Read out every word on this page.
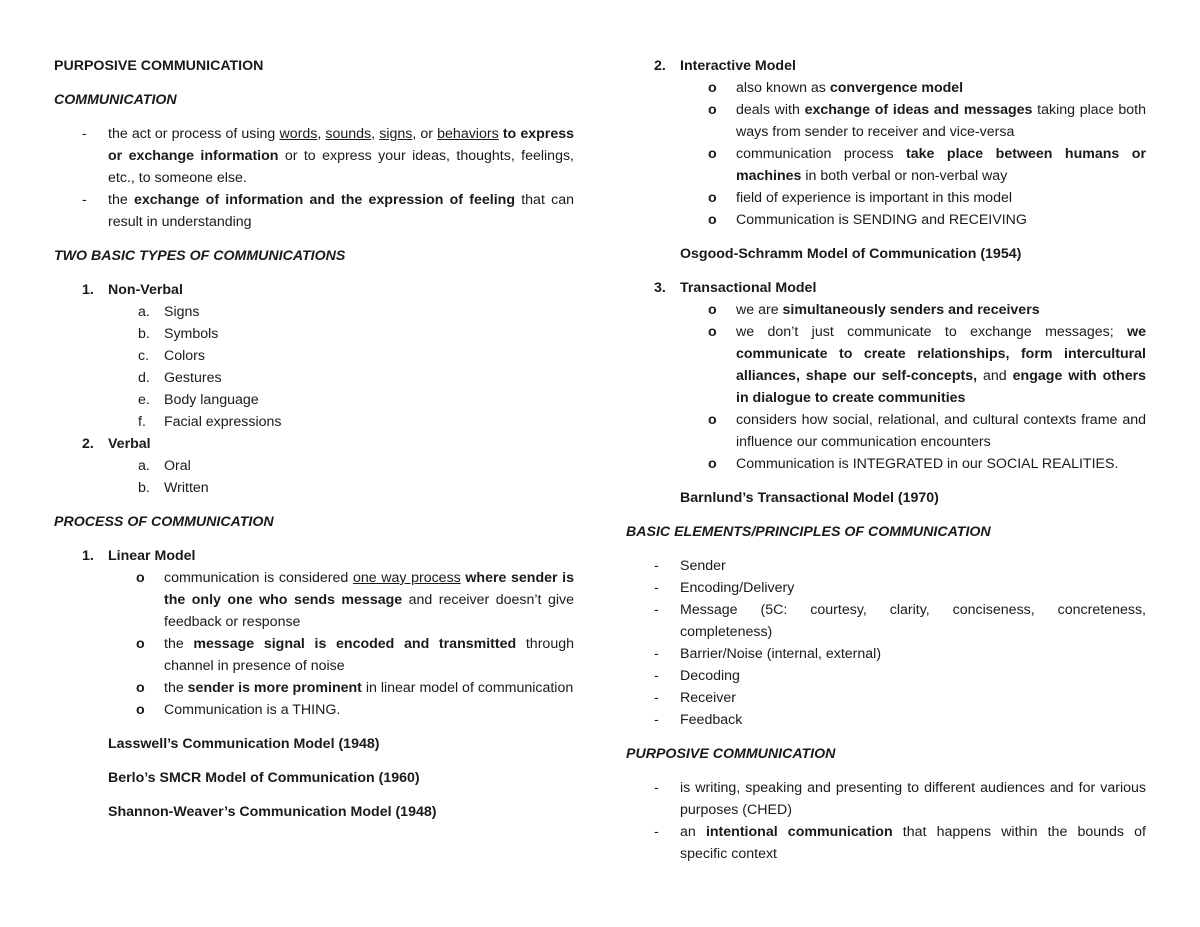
PURPOSIVE COMMUNICATION

COMMUNICATION

- the act or process of using words, sounds, signs, or behaviors to express or exchange information or to express your ideas, thoughts, feelings, etc., to someone else.
- the exchange of information and the expression of feeling that can result in understanding

TWO BASIC TYPES OF COMMUNICATIONS

1. Non-Verbal
a. Signs
b. Symbols
c. Colors
d. Gestures
e. Body language
f. Facial expressions
2. Verbal
a. Oral
b. Written

PROCESS OF COMMUNICATION

1. Linear Model
o communication is considered one way process where sender is the only one who sends message and receiver doesn’t give feedback or response
o the message signal is encoded and transmitted through channel in presence of noise
o the sender is more prominent in linear model of communication
o Communication is a THING.

Lasswell’s Communication Model (1948)

Berlo’s SMCR Model of Communication (1960)

Shannon-Weaver’s Communication Model (1948)

2. Interactive Model
o also known as convergence model
o deals with exchange of ideas and messages taking place both ways from sender to receiver and vice-versa
o communication process take place between humans or machines in both verbal or non-verbal way
o field of experience is important in this model
o Communication is SENDING and RECEIVING

Osgood-Schramm Model of Communication (1954)

3. Transactional Model
o we are simultaneously senders and receivers
o we don’t just communicate to exchange messages; we communicate to create relationships, form intercultural alliances, shape our self-concepts, and engage with others in dialogue to create communities
o considers how social, relational, and cultural contexts frame and influence our communication encounters
o Communication is INTEGRATED in our SOCIAL REALITIES.

Barnlund’s Transactional Model (1970)

BASIC ELEMENTS/PRINCIPLES OF COMMUNICATION

- Sender
- Encoding/Delivery
- Message (5C: courtesy, clarity, conciseness, concreteness, completeness)
- Barrier/Noise (internal, external)
- Decoding
- Receiver
- Feedback

PURPOSIVE COMMUNICATION

- is writing, speaking and presenting to different audiences and for various purposes (CHED)
- an intentional communication that happens within the bounds of specific context
